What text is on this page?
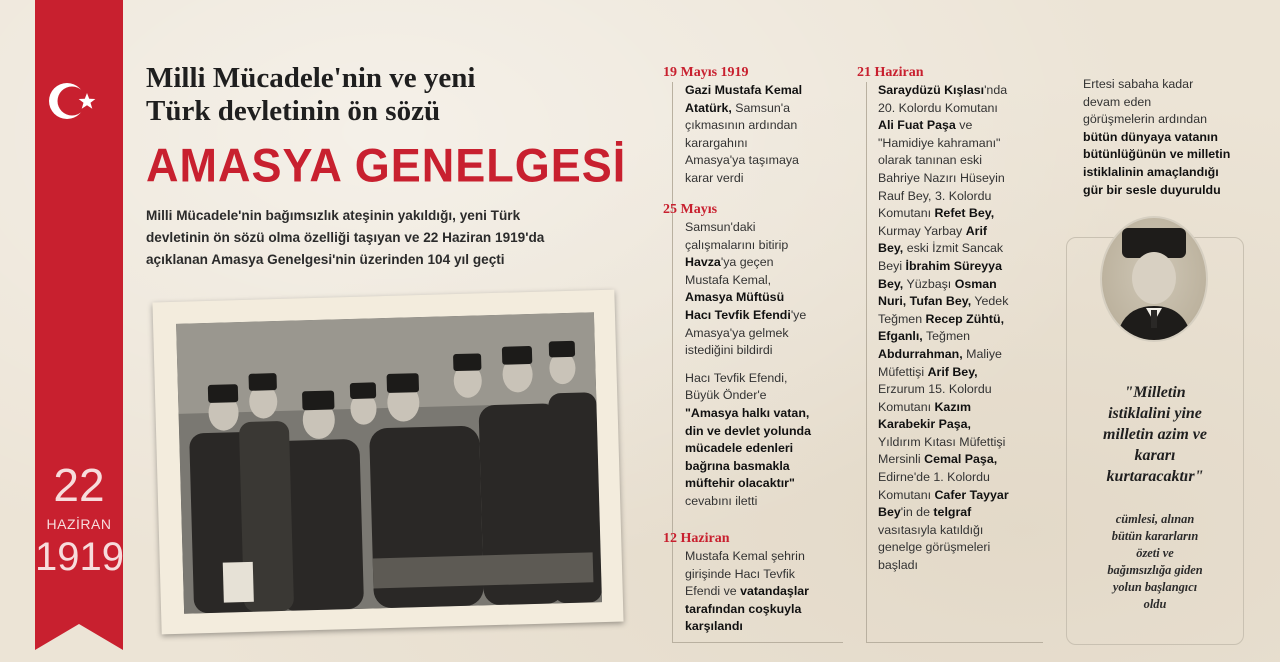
22
HAZİRAN
1919
Milli Mücadele'nin ve yeni
Türk devletinin ön sözü
AMASYA GENELGESİ
Milli Mücadele'nin bağımsızlık ateşinin yakıldığı, yeni Türk
devletinin ön sözü olma özelliği taşıyan ve 22 Haziran 1919'da
açıklanan Amasya Genelgesi'nin üzerinden 104 yıl geçti
19 Mayıs 1919
Gazi Mustafa Kemal
Atatürk, Samsun'a
çıkmasının ardından
karargahını
Amasya'ya taşımaya
karar verdi
25 Mayıs
Samsun'daki
çalışmalarını bitirip
Havza'ya geçen
Mustafa Kemal,
Amasya Müftüsü
Hacı Tevfik Efendi'ye
Amasya'ya gelmek
istediğini bildirdi
Hacı Tevfik Efendi,
Büyük Önder'e
"Amasya halkı vatan,
din ve devlet yolunda
mücadele edenleri
bağrına basmakla
müftehir olacaktır"
cevabını iletti
12 Haziran
Mustafa Kemal şehrin
girişinde Hacı Tevfik
Efendi ve vatandaşlar
tarafından coşkuyla
karşılandı
21 Haziran
Saraydüzü Kışlası'nda
20. Kolordu Komutanı
Ali Fuat Paşa ve
"Hamidiye kahramanı"
olarak tanınan eski
Bahriye Nazırı Hüseyin
Rauf Bey, 3. Kolordu
Komutanı Refet Bey,
Kurmay Yarbay Arif
Bey, eski İzmit Sancak
Beyi İbrahim Süreyya
Bey, Yüzbaşı Osman
Nuri, Tufan Bey, Yedek
Teğmen Recep Zühtü,
Efganlı, Teğmen
Abdurrahman, Maliye
Müfettişi Arif Bey,
Erzurum 15. Kolordu
Komutanı Kazım
Karabekir Paşa,
Yıldırım Kıtası Müfettişi
Mersinli Cemal Paşa,
Edirne'de 1. Kolordu
Komutanı Cafer Tayyar
Bey'in de telgraf
vasıtasıyla katıldığı
genelge görüşmeleri
başladı
Ertesi sabaha kadar
devam eden
görüşmelerin ardından
bütün dünyaya vatanın
bütünlüğünün ve milletin
istiklalinin amaçlandığı
gür bir sesle duyuruldu
"Milletin
istiklalini yine
milletin azim ve
kararı
kurtaracaktır"
cümlesi, alınan
bütün kararların
özeti ve
bağımsızlığa giden
yolun başlangıcı
oldu
